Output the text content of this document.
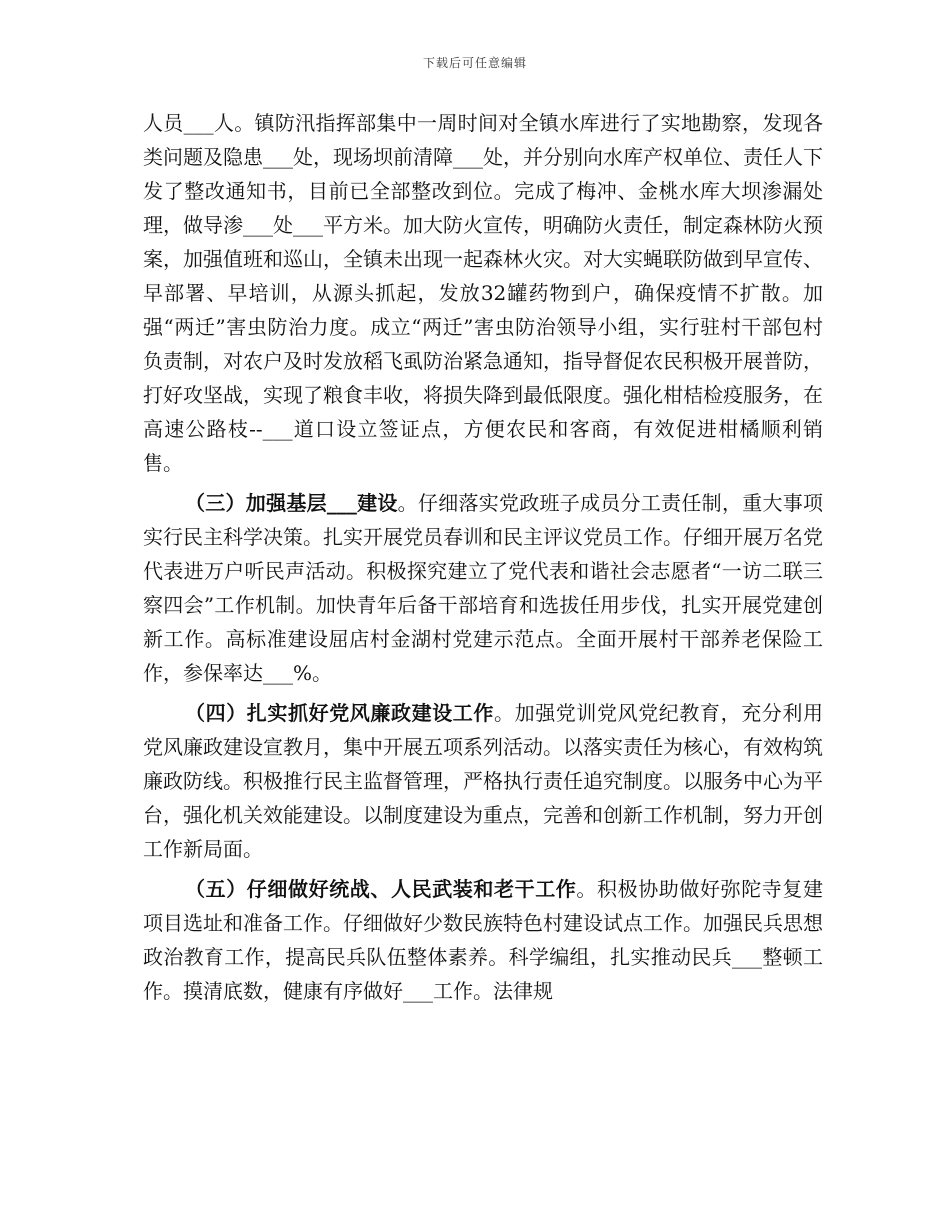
下载后可任意编辑

人员___人。镇防汛指挥部集中一周时间对全镇水库进行了实地勘察，发现各类问题及隐患___处，现场坝前清障___处，并分别向水库产权单位、责任人下发了整改通知书，目前已全部整改到位。完成了梅冲、金桃水库大坝渗漏处理，做导渗___处___平方米。加大防火宣传，明确防火责任，制定森林防火预案，加强值班和巡山，全镇未出现一起森林火灾。对大实蝇联防做到早宣传、早部署、早培训，从源头抓起，发放32罐药物到户，确保疫情不扩散。加强“两迁”害虫防治力度。成立“两迁”害虫防治领导小组，实行驻村干部包村负责制，对农户及时发放稻飞虱防治紧急通知，指导督促农民积极开展普防，打好攻坚战，实现了粮食丰收，将损失降到最低限度。强化柑桔检疫服务，在高速公路枝--___道口设立签证点，方便农民和客商，有效促进柑橘顺利销售。

（三）加强基层___建设。仔细落实党政班子成员分工责任制，重大事项实行民主科学决策。扎实开展党员春训和民主评议党员工作。仔细开展万名党代表进万户听民声活动。积极探究建立了党代表和谐社会志愿者“一访二联三察四会”工作机制。加快青年后备干部培育和选拔任用步伐，扎实开展党建创新工作。高标准建设屈店村金湖村党建示范点。全面开展村干部养老保险工作，参保率达___%。

（四）扎实抓好党风廉政建设工作。加强党训党风党纪教育，充分利用党风廉政建设宣教月，集中开展五项系列活动。以落实责任为核心，有效构筑廉政防线。积极推行民主监督管理，严格执行责任追究制度。以服务中心为平台，强化机关效能建设。以制度建设为重点，完善和创新工作机制，努力开创工作新局面。

（五）仔细做好统战、人民武装和老干工作。积极协助做好弥陀寺复建项目选址和准备工作。仔细做好少数民族特色村建设试点工作。加强民兵思想政治教育工作，提高民兵队伍整体素养。科学编组，扎实推动民兵___整顿工作。摸清底数，健康有序做好___工作。法律规
